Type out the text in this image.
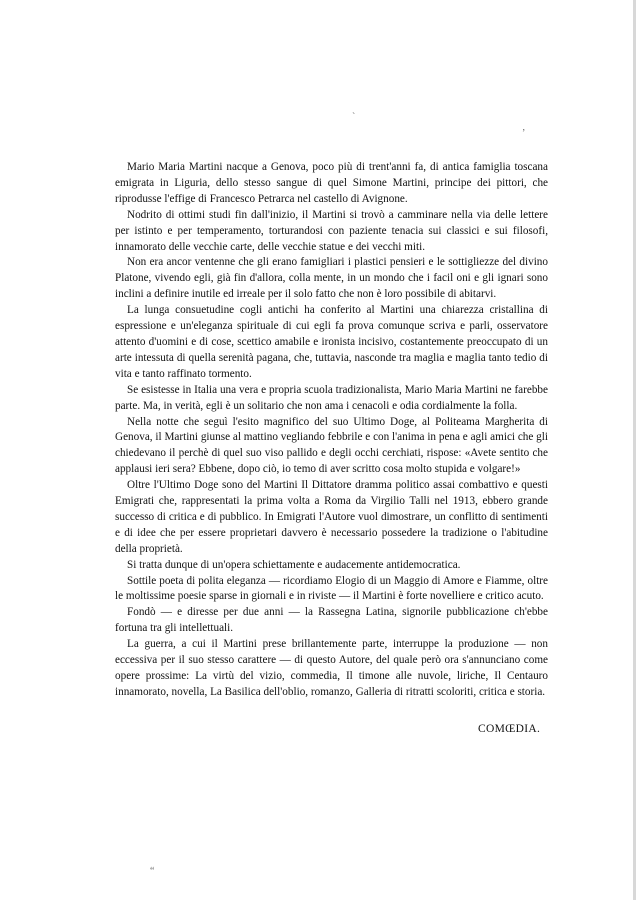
`
’

Mario Maria Martini nacque a Genova, poco più di trent'anni fa, di antica famiglia toscana emigrata in Liguria, dello stesso sangue di quel Simone Martini, principe dei pittori, che riprodusse l'effige di Francesco Petrarca nel castello di Avignone.

Nodrito di ottimi studi fin dall'inizio, il Martini si trovò a camminare nella via delle lettere per istinto e per temperamento, torturandosi con paziente tenacia sui classici e sui filosofi, innamorato delle vecchie carte, delle vecchie statue e dei vecchi miti.

Non era ancor ventenne che gli erano famigliari i plastici pensieri e le sottigliezze del divino Platone, vivendo egli, già fin d'allora, colla mente, in un mondo che i facil oni e gli ignari sono inclini a definire inutile ed irreale per il solo fatto che non è loro possibile di abitarvi.

La lunga consuetudine cogli antichi ha conferito al Martini una chiarezza cristallina di espressione e un'eleganza spirituale di cui egli fa prova comunque scriva e parli, osservatore attento d'uomini e di cose, scettico amabile e ironista incisivo, costantemente preoccupato di un arte intessuta di quella serenità pagana, che, tuttavia, nasconde tra maglia e maglia tanto tedio di vita e tanto raffinato tormento.

Se esistesse in Italia una vera e propria scuola tradizionalista, Mario Maria Martini ne farebbe parte. Ma, in verità, egli è un solitario che non ama i cenacoli e odia cordialmente la folla.

Nella notte che seguì l'esito magnifico del suo Ultimo Doge, al Politeama Margherita di Genova, il Martini giunse al mattino vegliando febbrile e con l'anima in pena e agli amici che gli chiedevano il perchè di quel suo viso pallido e degli occhi cerchiati, rispose: «Avete sentito che applausi ieri sera? Ebbene, dopo ciò, io temo di aver scritto cosa molto stupida e volgare!»

Oltre l'Ultimo Doge sono del Martini Il Dittatore dramma politico assai combattivo e questi Emigrati che, rappresentati la prima volta a Roma da Virgilio Talli nel 1913, ebbero grande successo di critica e di pubblico. In Emigrati l'Autore vuol dimostrare, un conflitto di sentimenti e di idee che per essere proprietari davvero è necessario possedere la tradizione o l'abitudine della proprietà.

Si tratta dunque di un'opera schiettamente e audacemente antidemocratica.

Sottile poeta di polita eleganza — ricordiamo Elogio di un Maggio di Amore e Fiamme, oltre le moltissime poesie sparse in giornali e in riviste — il Martini è forte novelliere e critico acuto.

Fondò — e diresse per due anni — la Rassegna Latina, signorile pubblicazione ch'ebbe fortuna tra gli intellettuali.

La guerra, a cui il Martini prese brillantemente parte, interruppe la produzione — non eccessiva per il suo stesso carattere — di questo Autore, del quale però ora s'annunciano come opere prossime: La virtù del vizio, commedia, Il timone alle nuvole, liriche, Il Centauro innamorato, novella, La Basilica dell'oblio, romanzo, Galleria di ritratti scoloriti, critica e storia.

COMŒDIA.
“
